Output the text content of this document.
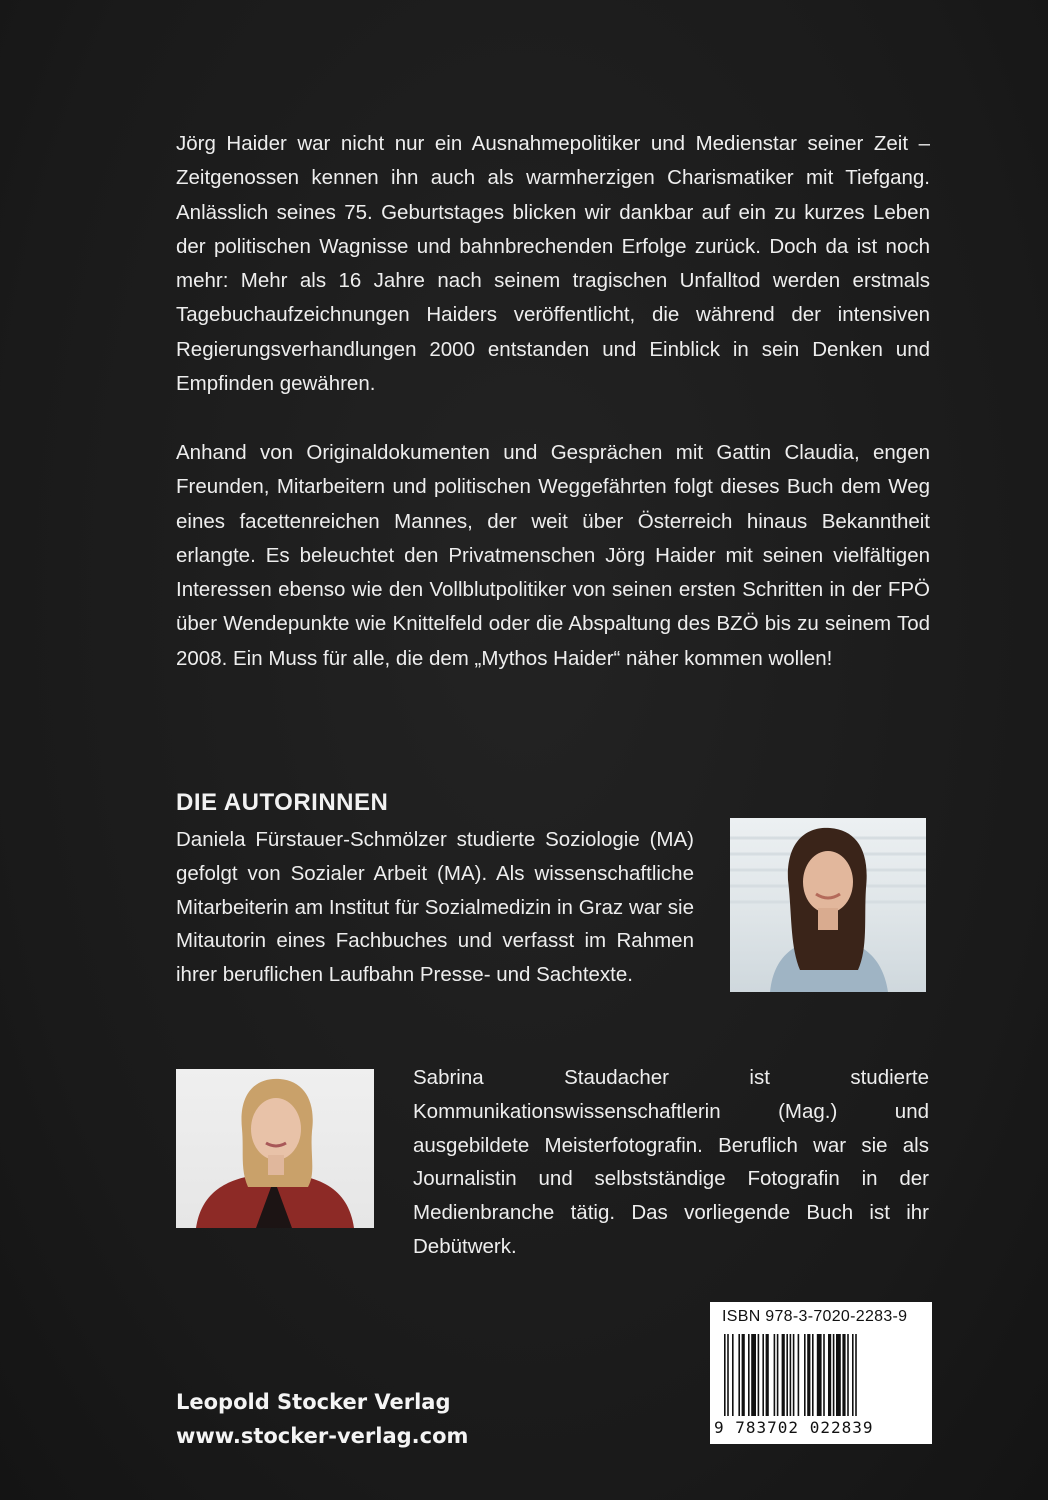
Jörg Haider war nicht nur ein Ausnahmepolitiker und Medienstar seiner Zeit – Zeitgenossen kennen ihn auch als warmherzigen Charismatiker mit Tiefgang. Anlässlich seines 75. Geburtstages blicken wir dankbar auf ein zu kurzes Leben der politischen Wagnisse und bahnbrechenden Erfolge zurück. Doch da ist noch mehr: Mehr als 16 Jahre nach seinem tragischen Unfalltod werden erstmals Tagebuchaufzeichnungen Haiders veröffentlicht, die während der intensiven Regierungsverhandlungen 2000 entstanden und Einblick in sein Denken und Empfinden gewähren.

Anhand von Originaldokumenten und Gesprächen mit Gattin Claudia, engen Freunden, Mitarbeitern und politischen Weggefährten folgt dieses Buch dem Weg eines facettenreichen Mannes, der weit über Österreich hinaus Bekanntheit erlangte. Es beleuchtet den Privatmenschen Jörg Haider mit seinen vielfältigen Interessen ebenso wie den Vollblutpolitiker von seinen ersten Schritten in der FPÖ über Wendepunkte wie Knittelfeld oder die Abspaltung des BZÖ bis zu seinem Tod 2008. Ein Muss für alle, die dem „Mythos Haider“ näher kommen wollen!

DIE AUTORINNEN

Daniela Fürstauer-Schmölzer studierte Soziologie (MA) gefolgt von Sozialer Arbeit (MA). Als wissenschaftliche Mitarbeiterin am Institut für Sozialmedizin in Graz war sie Mitautorin eines Fachbuches und verfasst im Rahmen ihrer beruflichen Laufbahn Presse- und Sachtexte.

Sabrina Staudacher ist studierte Kommunikationswissenschaftlerin (Mag.) und ausgebildete Meisterfotografin. Beruflich war sie als Journalistin und selbstständige Fotografin in der Medienbranche tätig. Das vorliegende Buch ist ihr Debütwerk.

Leopold Stocker Verlag
www.stocker-verlag.com
ISBN 978-3-7020-2283-9
9 783702 022839
